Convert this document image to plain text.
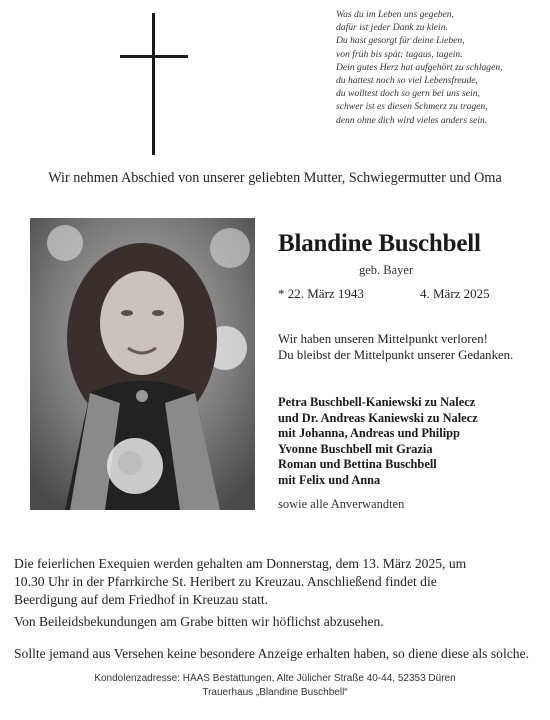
Was du im Leben uns gegeben,
dafür ist jeder Dank zu klein.
Du hast gesorgt für deine Lieben,
von früh bis spät: tagaus, tagein.
Dein gutes Herz hat aufgehört zu schlagen,
du hattest noch so viel Lebensfreude,
du wolltest doch so gern bei uns sein,
schwer ist es diesen Schmerz zu tragen,
denn ohne dich wird vieles anders sein.
Wir nehmen Abschied von unserer geliebten Mutter, Schwiegermutter und Oma
Blandine Buschbell
geb. Bayer
* 22. März 1943	4. März 2025
Wir haben unseren Mittelpunkt verloren!
Du bleibst der Mittelpunkt unserer Gedanken.
Petra Buschbell-Kaniewski zu Nalecz
und Dr. Andreas Kaniewski zu Nalecz
mit Johanna, Andreas und Philipp
Yvonne Buschbell mit Grazia
Roman und Bettina Buschbell
mit Felix und Anna
sowie alle Anverwandten
Die feierlichen Exequien werden gehalten am Donnerstag, dem 13. März 2025, um
10.30 Uhr in der Pfarrkirche St. Heribert zu Kreuzau. Anschließend findet die
Beerdigung auf dem Friedhof in Kreuzau statt.
Von Beileidsbekundungen am Grabe bitten wir höflichst abzusehen.
Sollte jemand aus Versehen keine besondere Anzeige erhalten haben, so diene diese als solche.
Kondolenzadresse: HAAS Bestattungen, Alte Jülicher Straße 40-44, 52353 Düren
Trauerhaus „Blandine Buschbell“
